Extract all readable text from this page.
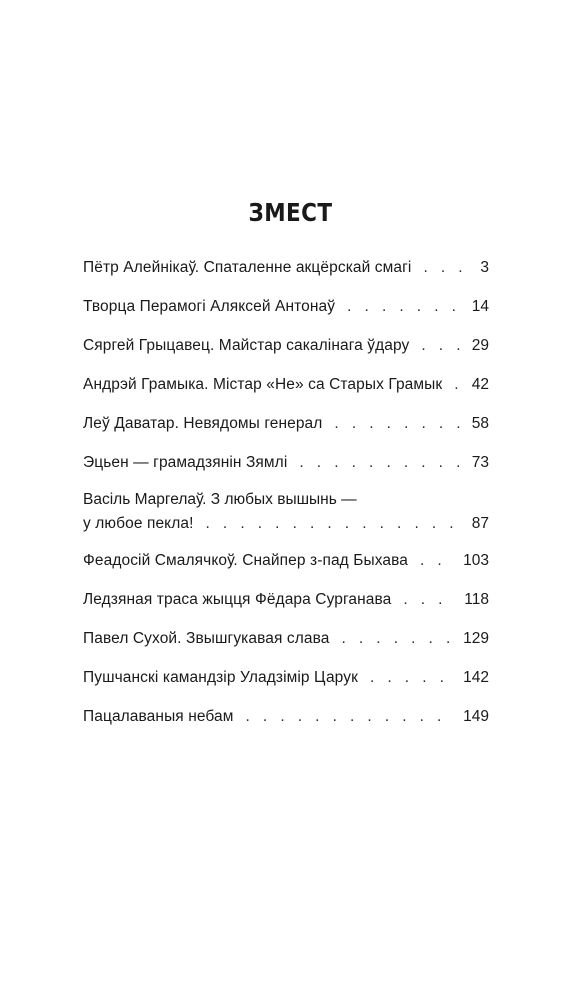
ЗМЕСТ
Пётр Алейнікаў. Спаталенне акцёрскай смагі . . .	3
Творца Перамогі Аляксей Антонаў . . .	14
Сяргей Грыцавец. Майстар сакалінага ўдару . . .	29
Андрэй Грамыка. Містар «Не» са Старых Грамык . . . 42
Леў Даватар. Невядомы генерал . . .	58
Эцьен — грамадзянін Зямлі . . .	73
Васіль Маргелаў. З любых вышынь —
у любое пекла! . . .	87
Феадосій Смалячкоў. Снайпер з-пад Быхава . . .	103
Ледзяная траса жыцця Фёдара Сурганава . . .	118
Павел Сухой. Звышгукавая слава . . .	129
Пушчанскі камандзір Уладзімір Царук . . .	142
Пацалаваныя небам . . .	149
